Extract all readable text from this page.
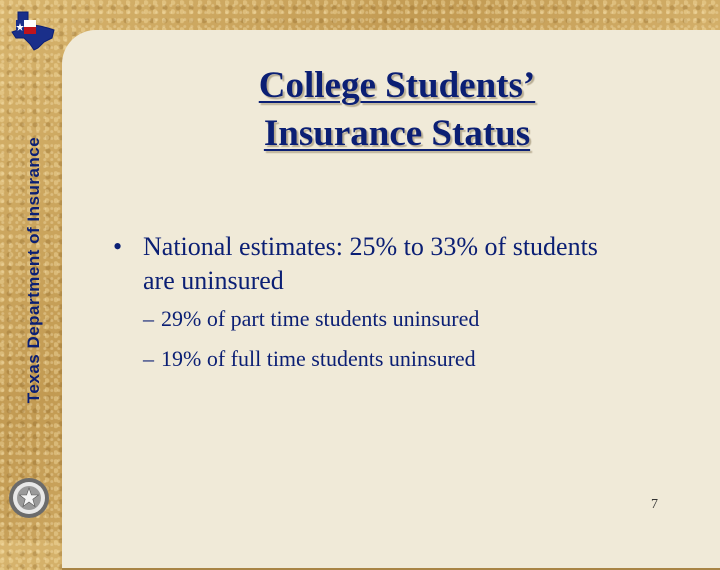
Texas Department of Insurance
College Students’
Insurance Status
• National estimates: 25% to 33% of students are uninsured
– 29% of part time students uninsured
– 19% of full time students uninsured
7
